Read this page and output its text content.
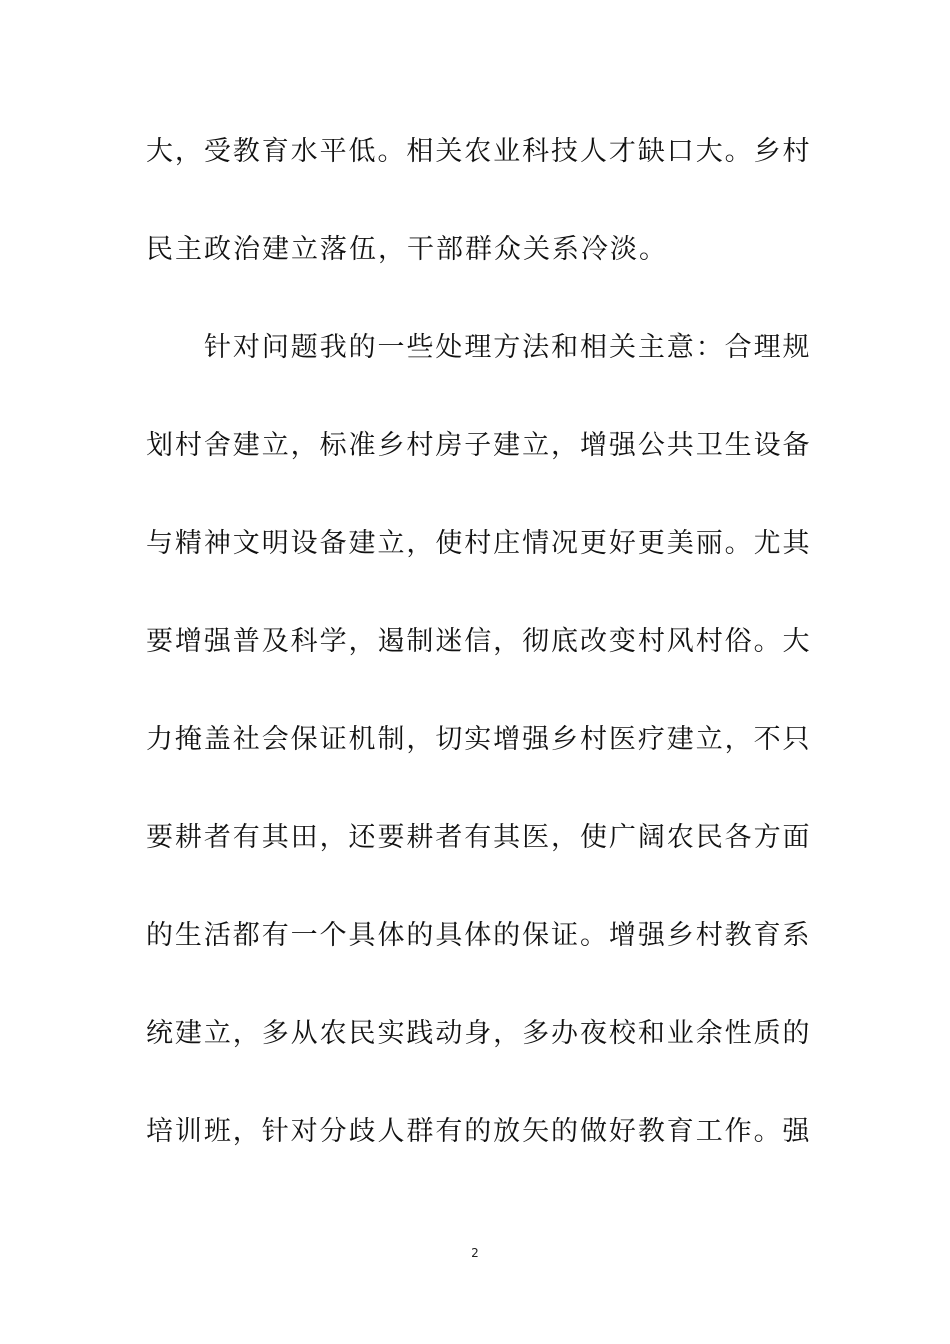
大，受教育水平低。相关农业科技人才缺口大。乡村
民主政治建立落伍，干部群众关系冷淡。
针对问题我的一些处理方法和相关主意：合理规
划村舍建立，标准乡村房子建立，增强公共卫生设备
与精神文明设备建立，使村庄情况更好更美丽。尤其
要增强普及科学，遏制迷信，彻底改变村风村俗。大
力掩盖社会保证机制，切实增强乡村医疗建立，不只
要耕者有其田，还要耕者有其医，使广阔农民各方面
的生活都有一个具体的具体的保证。增强乡村教育系
统建立，多从农民实践动身，多办夜校和业余性质的
培训班，针对分歧人群有的放矢的做好教育工作。强
2
